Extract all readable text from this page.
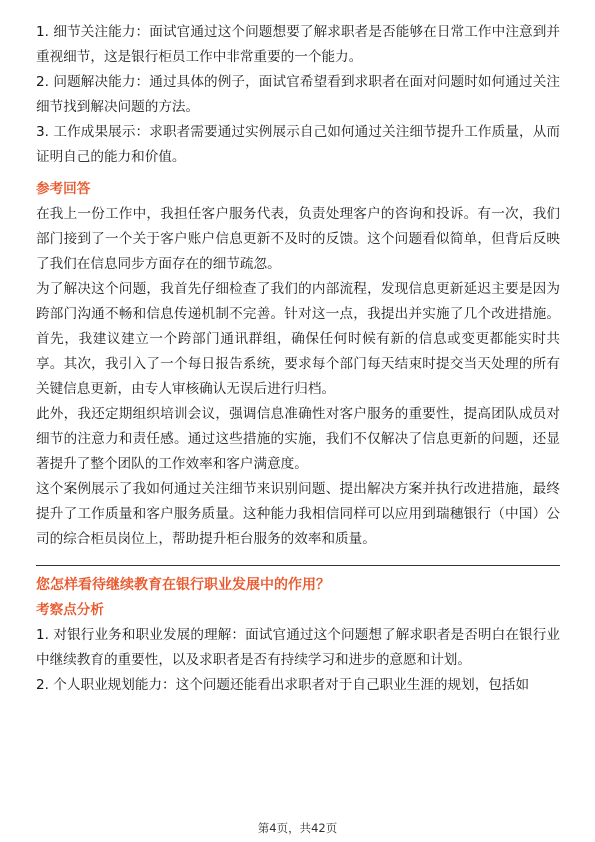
1. 细节关注能力：面试官通过这个问题想要了解求职者是否能够在日常工作中注意到并重视细节，这是银行柜员工作中非常重要的一个能力。

2. 问题解决能力：通过具体的例子，面试官希望看到求职者在面对问题时如何通过关注细节找到解决问题的方法。

3. 工作成果展示：求职者需要通过实例展示自己如何通过关注细节提升工作质量，从而证明自己的能力和价值。

参考回答

在我上一份工作中，我担任客户服务代表，负责处理客户的咨询和投诉。有一次，我们部门接到了一个关于客户账户信息更新不及时的反馈。这个问题看似简单，但背后反映了我们在信息同步方面存在的细节疏忽。

为了解决这个问题，我首先仔细检查了我们的内部流程，发现信息更新延迟主要是因为跨部门沟通不畅和信息传递机制不完善。针对这一点，我提出并实施了几个改进措施。首先，我建议建立一个跨部门通讯群组，确保任何时候有新的信息或变更都能实时共享。其次，我引入了一个每日报告系统，要求每个部门每天结束时提交当天处理的所有关键信息更新，由专人审核确认无误后进行归档。

此外，我还定期组织培训会议，强调信息准确性对客户服务的重要性，提高团队成员对细节的注意力和责任感。通过这些措施的实施，我们不仅解决了信息更新的问题，还显著提升了整个团队的工作效率和客户满意度。

这个案例展示了我如何通过关注细节来识别问题、提出解决方案并执行改进措施，最终提升了工作质量和客户服务质量。这种能力我相信同样可以应用到瑞穗银行（中国）公司的综合柜员岗位上，帮助提升柜台服务的效率和质量。

您怎样看待继续教育在银行职业发展中的作用？

考察点分析

1. 对银行业务和职业发展的理解：面试官通过这个问题想了解求职者是否明白在银行业中继续教育的重要性，以及求职者是否有持续学习和进步的意愿和计划。

2. 个人职业规划能力：这个问题还能看出求职者对于自己职业生涯的规划，包括如

第4页，共42页
